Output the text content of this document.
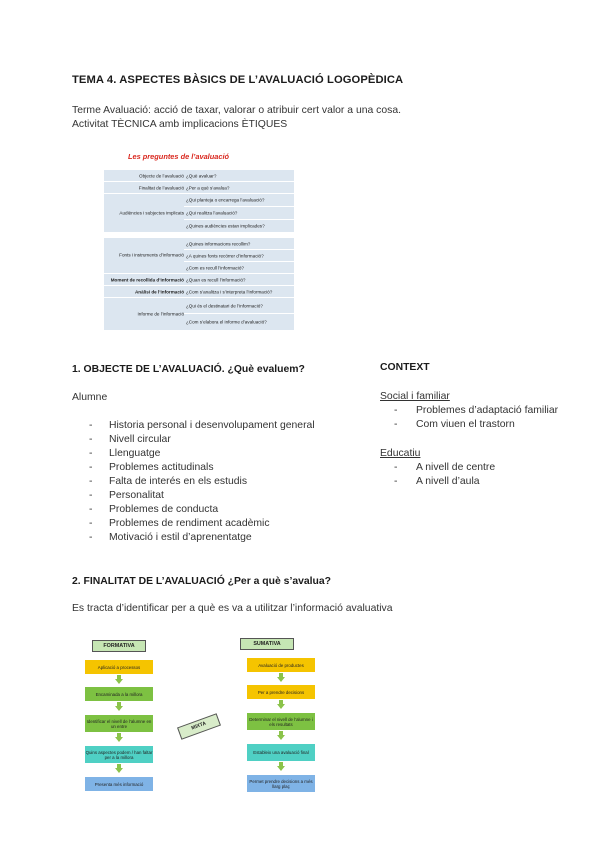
TEMA 4. ASPECTES BÀSICS DE L’AVALUACIÓ LOGOPÈDICA
Terme Avaluació: acció de taxar, valorar o atribuir cert valor a una cosa.
Activitat TÈCNICA amb implicacions ÈTIQUES
Les preguntes de l’avaluació
Objecte de l’avaluació ¿Què avaluar?
Finalitat de l’avaluació ¿Per a què s’avalua?
Audiències i subjectes implicats
¿Qui planteja o encarrega l’avaluació?
¿Qui realitza l’avaluació?
¿Quines audiències estan implicades?
Fonts i instruments d’informació
¿Quines informacions recollim?
¿A quines fonts recórrer d’informació?
¿Com es recull l’informació?
Moment de recollida d’informació ¿Quan es recull l’informació?
Anàlisi de l’informació ¿Com s’analitza i s’interpreta l’informació?
Informe de l’informació
¿Qui és el destinatari de l’informació?
¿Com s’elabora el informe d’avaluació?
1. OBJECTE DE L’AVALUACIÓ. ¿Què evaluem?
Alumne
- Historia personal i desenvolupament general
- Nivell circular
- Llenguatge
- Problemes actitudinals
- Falta de interés en els estudis
- Personalitat
- Problemes de conducta
- Problemes de rendiment acadèmic
- Motivació i estil d’aprenentatge
CONTEXT
Social i familiar
- Problemes d’adaptació familiar
- Com viuen el trastorn
Educatiu
- A nivell de centre
- A nivell d’aula
2. FINALITAT DE L’AVALUACIÓ ¿Per a què s’avalua?
Es tracta d’identificar per a què es va a utilitzar l’informació avaluativa
FORMATIVA	SUMATIVA
Aplicació a processos
Encaminada a la millora
Identificar el nivell de l’alumne en un entre
Quins aspectes podem / han faltar per a la millora
Presenta més informació
MIXTA
Avaluació de productes
Per a prendre decisions
Determinar el nivell de l’alumne i els resultats
Estableix una avaluació final
Permet prendre decisions a més llarg plaç
